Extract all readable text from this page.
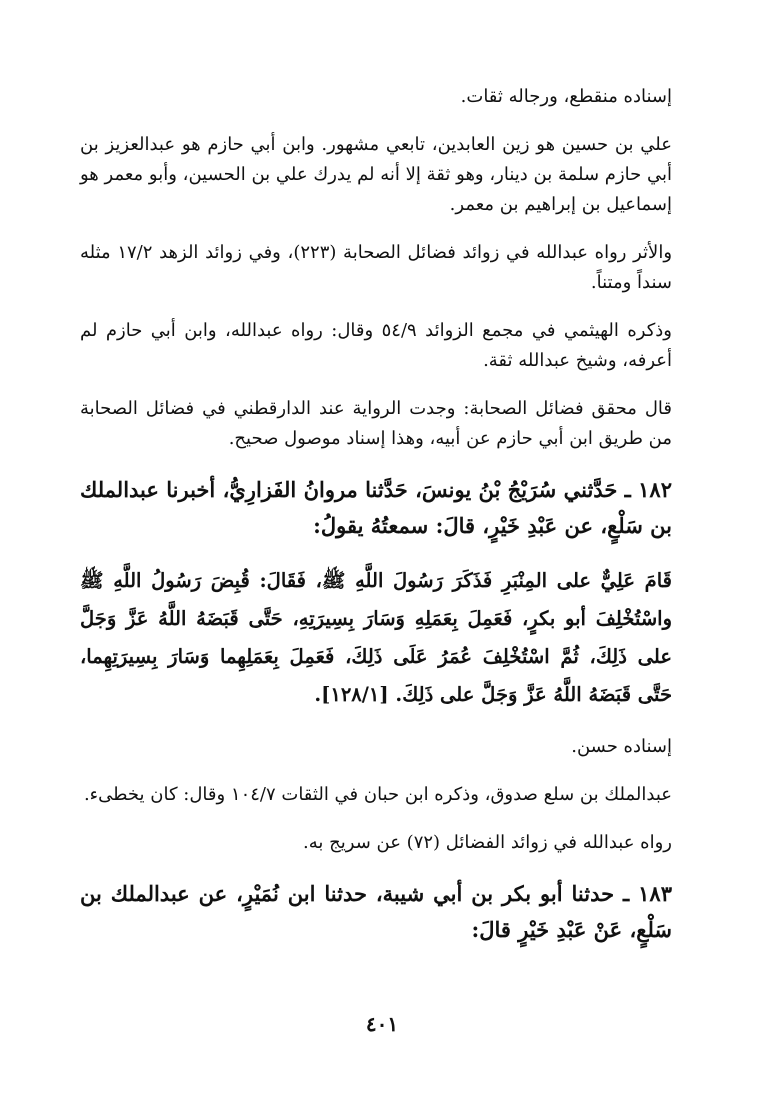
إسناده منقطع، ورجاله ثقات.

علي بن حسين هو زين العابدين، تابعي مشهور. وابن أبي حازم هو عبدالعزيز بن أبي حازم سلمة بن دينار، وهو ثقة إلا أنه لم يدرك علي بن الحسين، وأبو معمر هو إسماعيل بن إبراهيم بن معمر.

والأثر رواه عبدالله في زوائد فضائل الصحابة (٢٢٣)، وفي زوائد الزهد ١٧/٢ مثله سنداً ومتناً.

وذكره الهيثمي في مجمع الزوائد ٥٤/٩ وقال: رواه عبدالله، وابن أبي حازم لم أعرفه، وشيخ عبدالله ثقة.

قال محقق فضائل الصحابة: وجدت الرواية عند الدارقطني في فضائل الصحابة من طريق ابن أبي حازم عن أبيه، وهذا إسناد موصول صحيح.

١٨٢ ـ حَدَّثني سُرَيْجُ بْنُ يونسَ، حَدَّثنا مروانُ الفَزارِيُّ، أخبرنا عبدالملك بن سَلْعٍ، عن عَبْدِ خَيْرٍ، قالَ: سمعتُهُ يقولُ:

قَامَ عَلِيٌّ على المِنْبَرِ فَذَكَرَ رَسُولَ اللَّهِ ﷺ، فَقَالَ: قُبِضَ رَسُولُ اللَّهِ ﷺ واسْتُخْلِفَ أبو بكرٍ، فَعَمِلَ بِعَمَلِهِ وَسَارَ بِسِيرَتِهِ، حَتَّى قَبَضَهُ اللَّهُ عَزَّ وَجَلَّ على ذَلِكَ، ثُمَّ اسْتُخْلِفَ عُمَرُ عَلَى ذَلِكَ، فَعَمِلَ بِعَمَلِهِما وَسَارَ بِسِيرَتِهِما، حَتَّى قَبَضَهُ اللَّهُ عَزَّ وَجَلَّ على ذَلِكَ. [١٢٨/١].

إسناده حسن.

عبدالملك بن سلع صدوق، وذكره ابن حبان في الثقات ١٠٤/٧ وقال: كان يخطىء.

رواه عبدالله في زوائد الفضائل (٧٢) عن سريج به.

١٨٣ ـ حدثنا أبو بكر بن أبي شيبة، حدثنا ابن نُمَيْرٍ، عن عبدالملك بن سَلْعٍ، عَنْ عَبْدِ خَيْرٍ قالَ:

٤٠١
